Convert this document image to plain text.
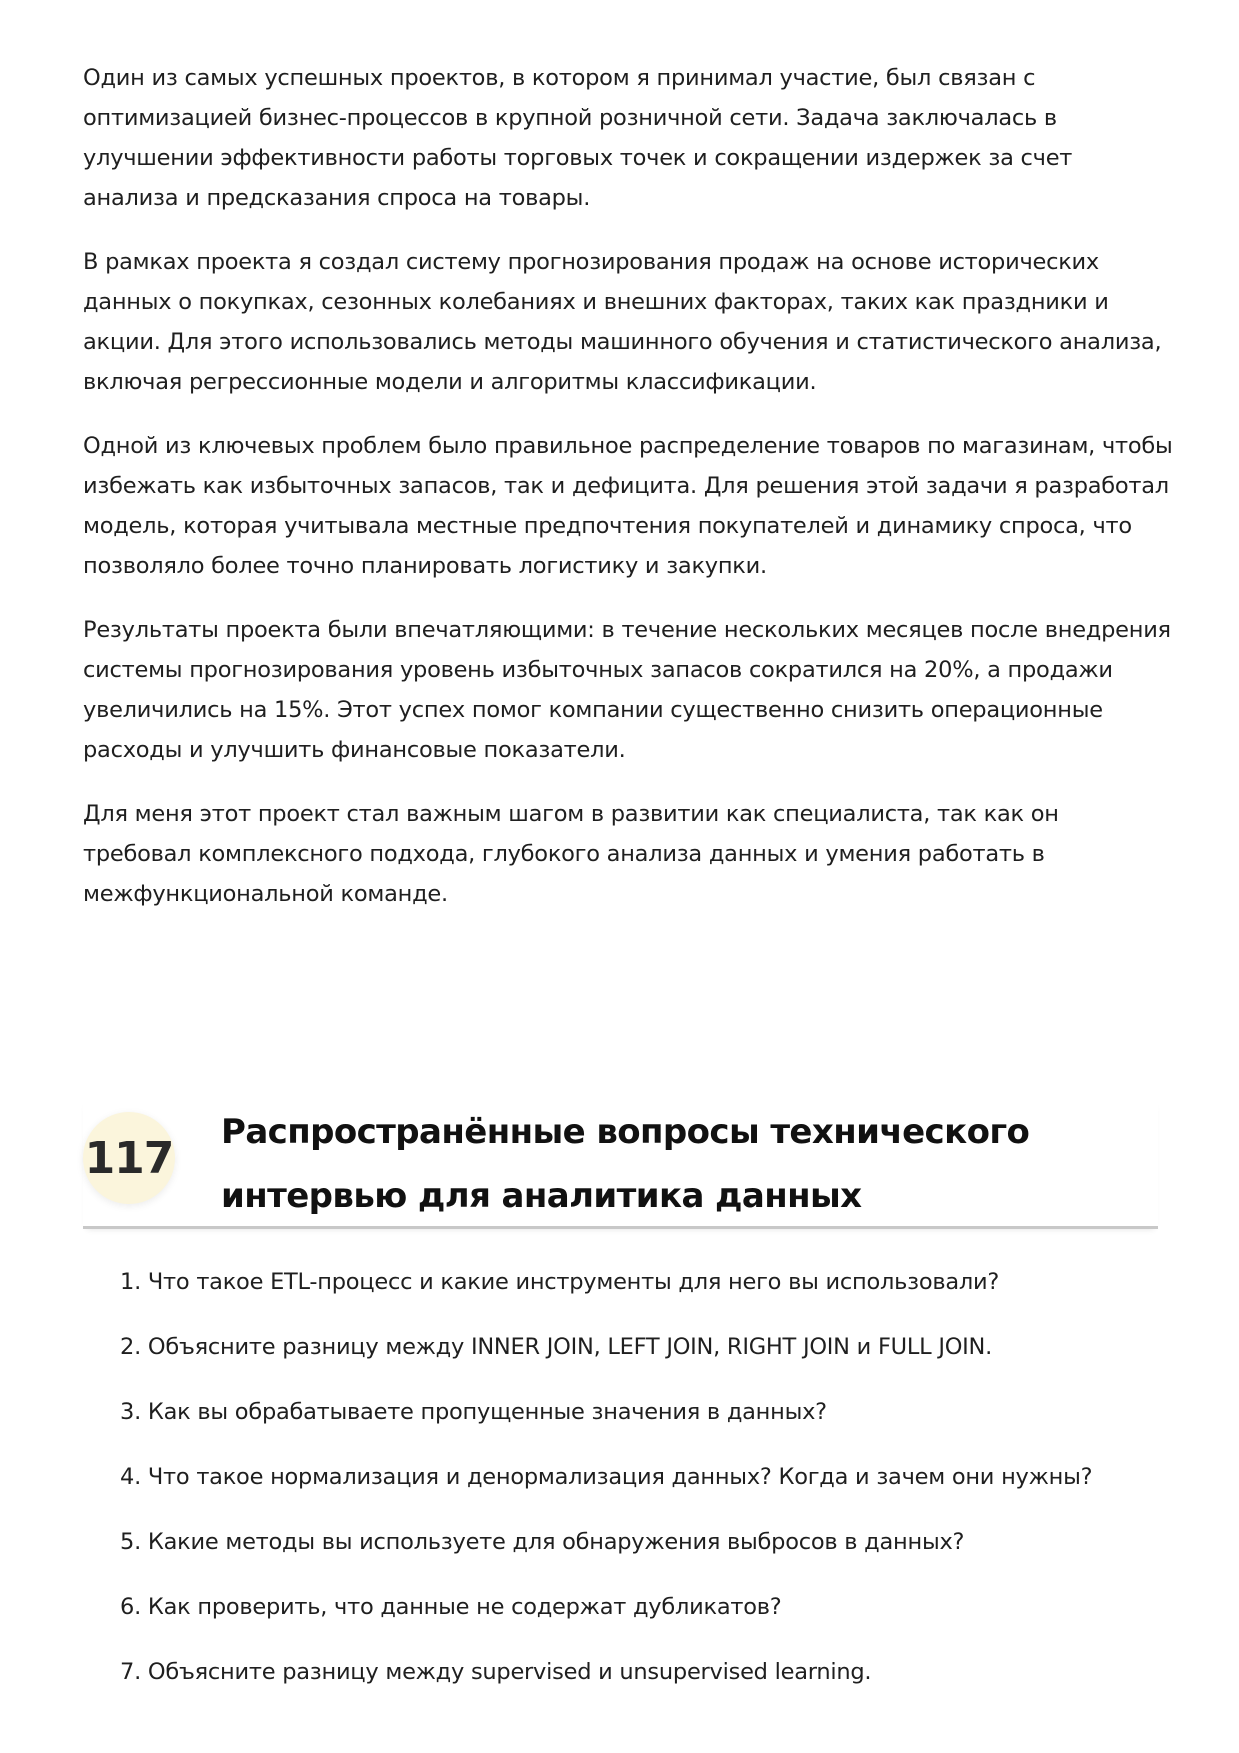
Один из самых успешных проектов, в котором я принимал участие, был связан с оптимизацией бизнес-процессов в крупной розничной сети. Задача заключалась в улучшении эффективности работы торговых точек и сокращении издержек за счет анализа и предсказания спроса на товары.

В рамках проекта я создал систему прогнозирования продаж на основе исторических данных о покупках, сезонных колебаниях и внешних факторах, таких как праздники и акции. Для этого использовались методы машинного обучения и статистического анализа, включая регрессионные модели и алгоритмы классификации.

Одной из ключевых проблем было правильное распределение товаров по магазинам, чтобы избежать как избыточных запасов, так и дефицита. Для решения этой задачи я разработал модель, которая учитывала местные предпочтения покупателей и динамику спроса, что позволяло более точно планировать логистику и закупки.

Результаты проекта были впечатляющими: в течение нескольких месяцев после внедрения системы прогнозирования уровень избыточных запасов сократился на 20%, а продажи увеличились на 15%. Этот успех помог компании существенно снизить операционные расходы и улучшить финансовые показатели.

Для меня этот проект стал важным шагом в развитии как специалиста, так как он требовал комплексного подхода, глубокого анализа данных и умения работать в межфункциональной команде.

117
Распространённые вопросы технического интервью для аналитика данных
1. Что такое ETL-процесс и какие инструменты для него вы использовали?
2. Объясните разницу между INNER JOIN, LEFT JOIN, RIGHT JOIN и FULL JOIN.
3. Как вы обрабатываете пропущенные значения в данных?
4. Что такое нормализация и денормализация данных? Когда и зачем они нужны?
5. Какие методы вы используете для обнаружения выбросов в данных?
6. Как проверить, что данные не содержат дубликатов?
7. Объясните разницу между supervised и unsupervised learning.
